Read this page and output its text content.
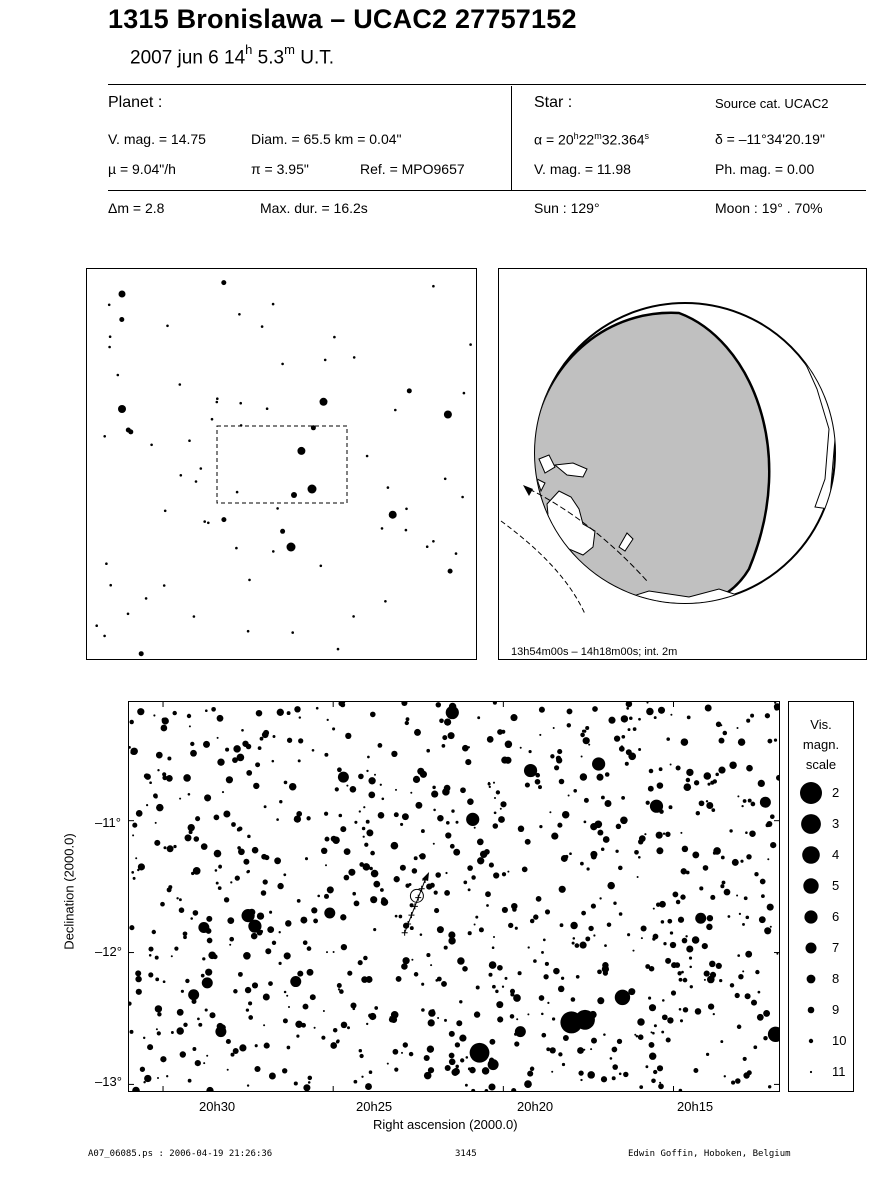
1315 Bronislawa – UCAC2 27757152
2007 jun 6 14$^h$ 5.3$^m$ U.T.
Planet :
V. mag. = 14.75	Diam. = 65.5 km = 0.04"
µ = 9.04"/h	π = 3.95"	Ref. = MPO9657
Star :	Source cat. UCAC2
$\alpha = 20^h22^m32.364^s$	δ = –11°34'20.19"
V. mag. = 11.98	Ph. mag. = 0.00
Δm = 2.8	Max. dur. = 16.2s	Sun : 129°	Moon : 19° . 70%
13h54m00s – 14h18m00s; int. 2m
Declination (2000.0)
–11°
–12°
–13°
20h30	20h25	20h20	20h15
Right ascension (2000.0)
Vis.
magn.
scale
2
3
4
5
6
7
8
9
10
11
A07_06085.ps : 2006-04-19 21:26:36	3145	Edwin Goffin, Hoboken, Belgium
